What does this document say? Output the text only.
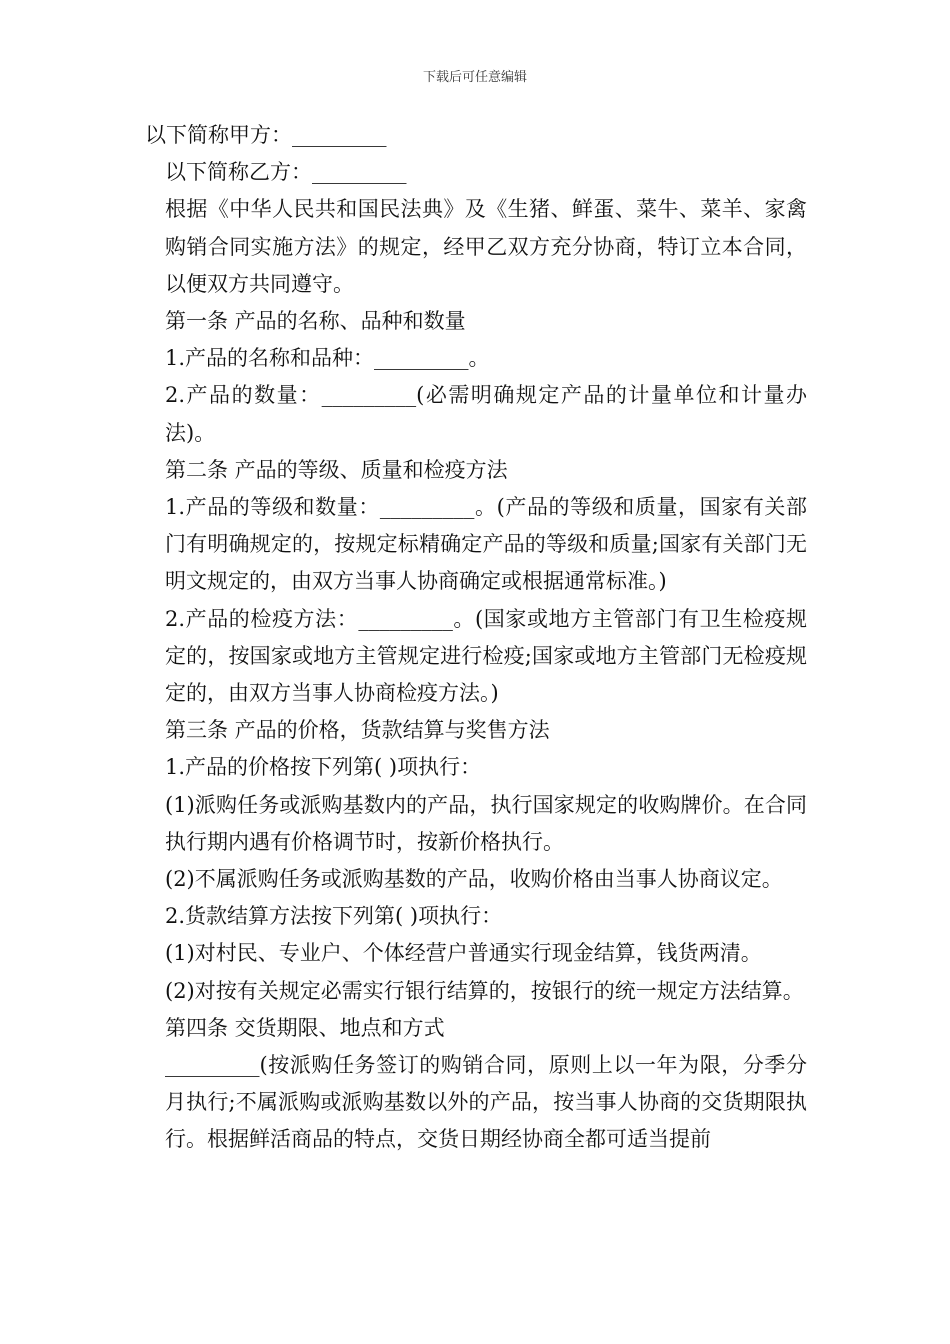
下载后可任意编辑

以下简称甲方：_________

以下简称乙方：_________

根据《中华人民共和国民法典》及《生猪、鲜蛋、菜牛、菜羊、家禽购销合同实施方法》的规定，经甲乙双方充分协商，特订立本合同，以便双方共同遵守。

第一条 产品的名称、品种和数量

1.产品的名称和品种：_________。

2.产品的数量：_________(必需明确规定产品的计量单位和计量办法)。

第二条 产品的等级、质量和检疫方法

1.产品的等级和数量：_________。(产品的等级和质量，国家有关部门有明确规定的，按规定标精确定产品的等级和质量;国家有关部门无明文规定的，由双方当事人协商确定或根据通常标准。)

2.产品的检疫方法：_________。(国家或地方主管部门有卫生检疫规定的，按国家或地方主管规定进行检疫;国家或地方主管部门无检疫规定的，由双方当事人协商检疫方法。)

第三条 产品的价格，货款结算与奖售方法

1.产品的价格按下列第( )项执行：

(1)派购任务或派购基数内的产品，执行国家规定的收购牌价。在合同执行期内遇有价格调节时，按新价格执行。

(2)不属派购任务或派购基数的产品，收购价格由当事人协商议定。

2.货款结算方法按下列第( )项执行：

(1)对村民、专业户、个体经营户普通实行现金结算，钱货两清。

(2)对按有关规定必需实行银行结算的，按银行的统一规定方法结算。

第四条 交货期限、地点和方式

_________(按派购任务签订的购销合同，原则上以一年为限，分季分月执行;不属派购或派购基数以外的产品，按当事人协商的交货期限执行。根据鲜活商品的特点，交货日期经协商全都可适当提前
